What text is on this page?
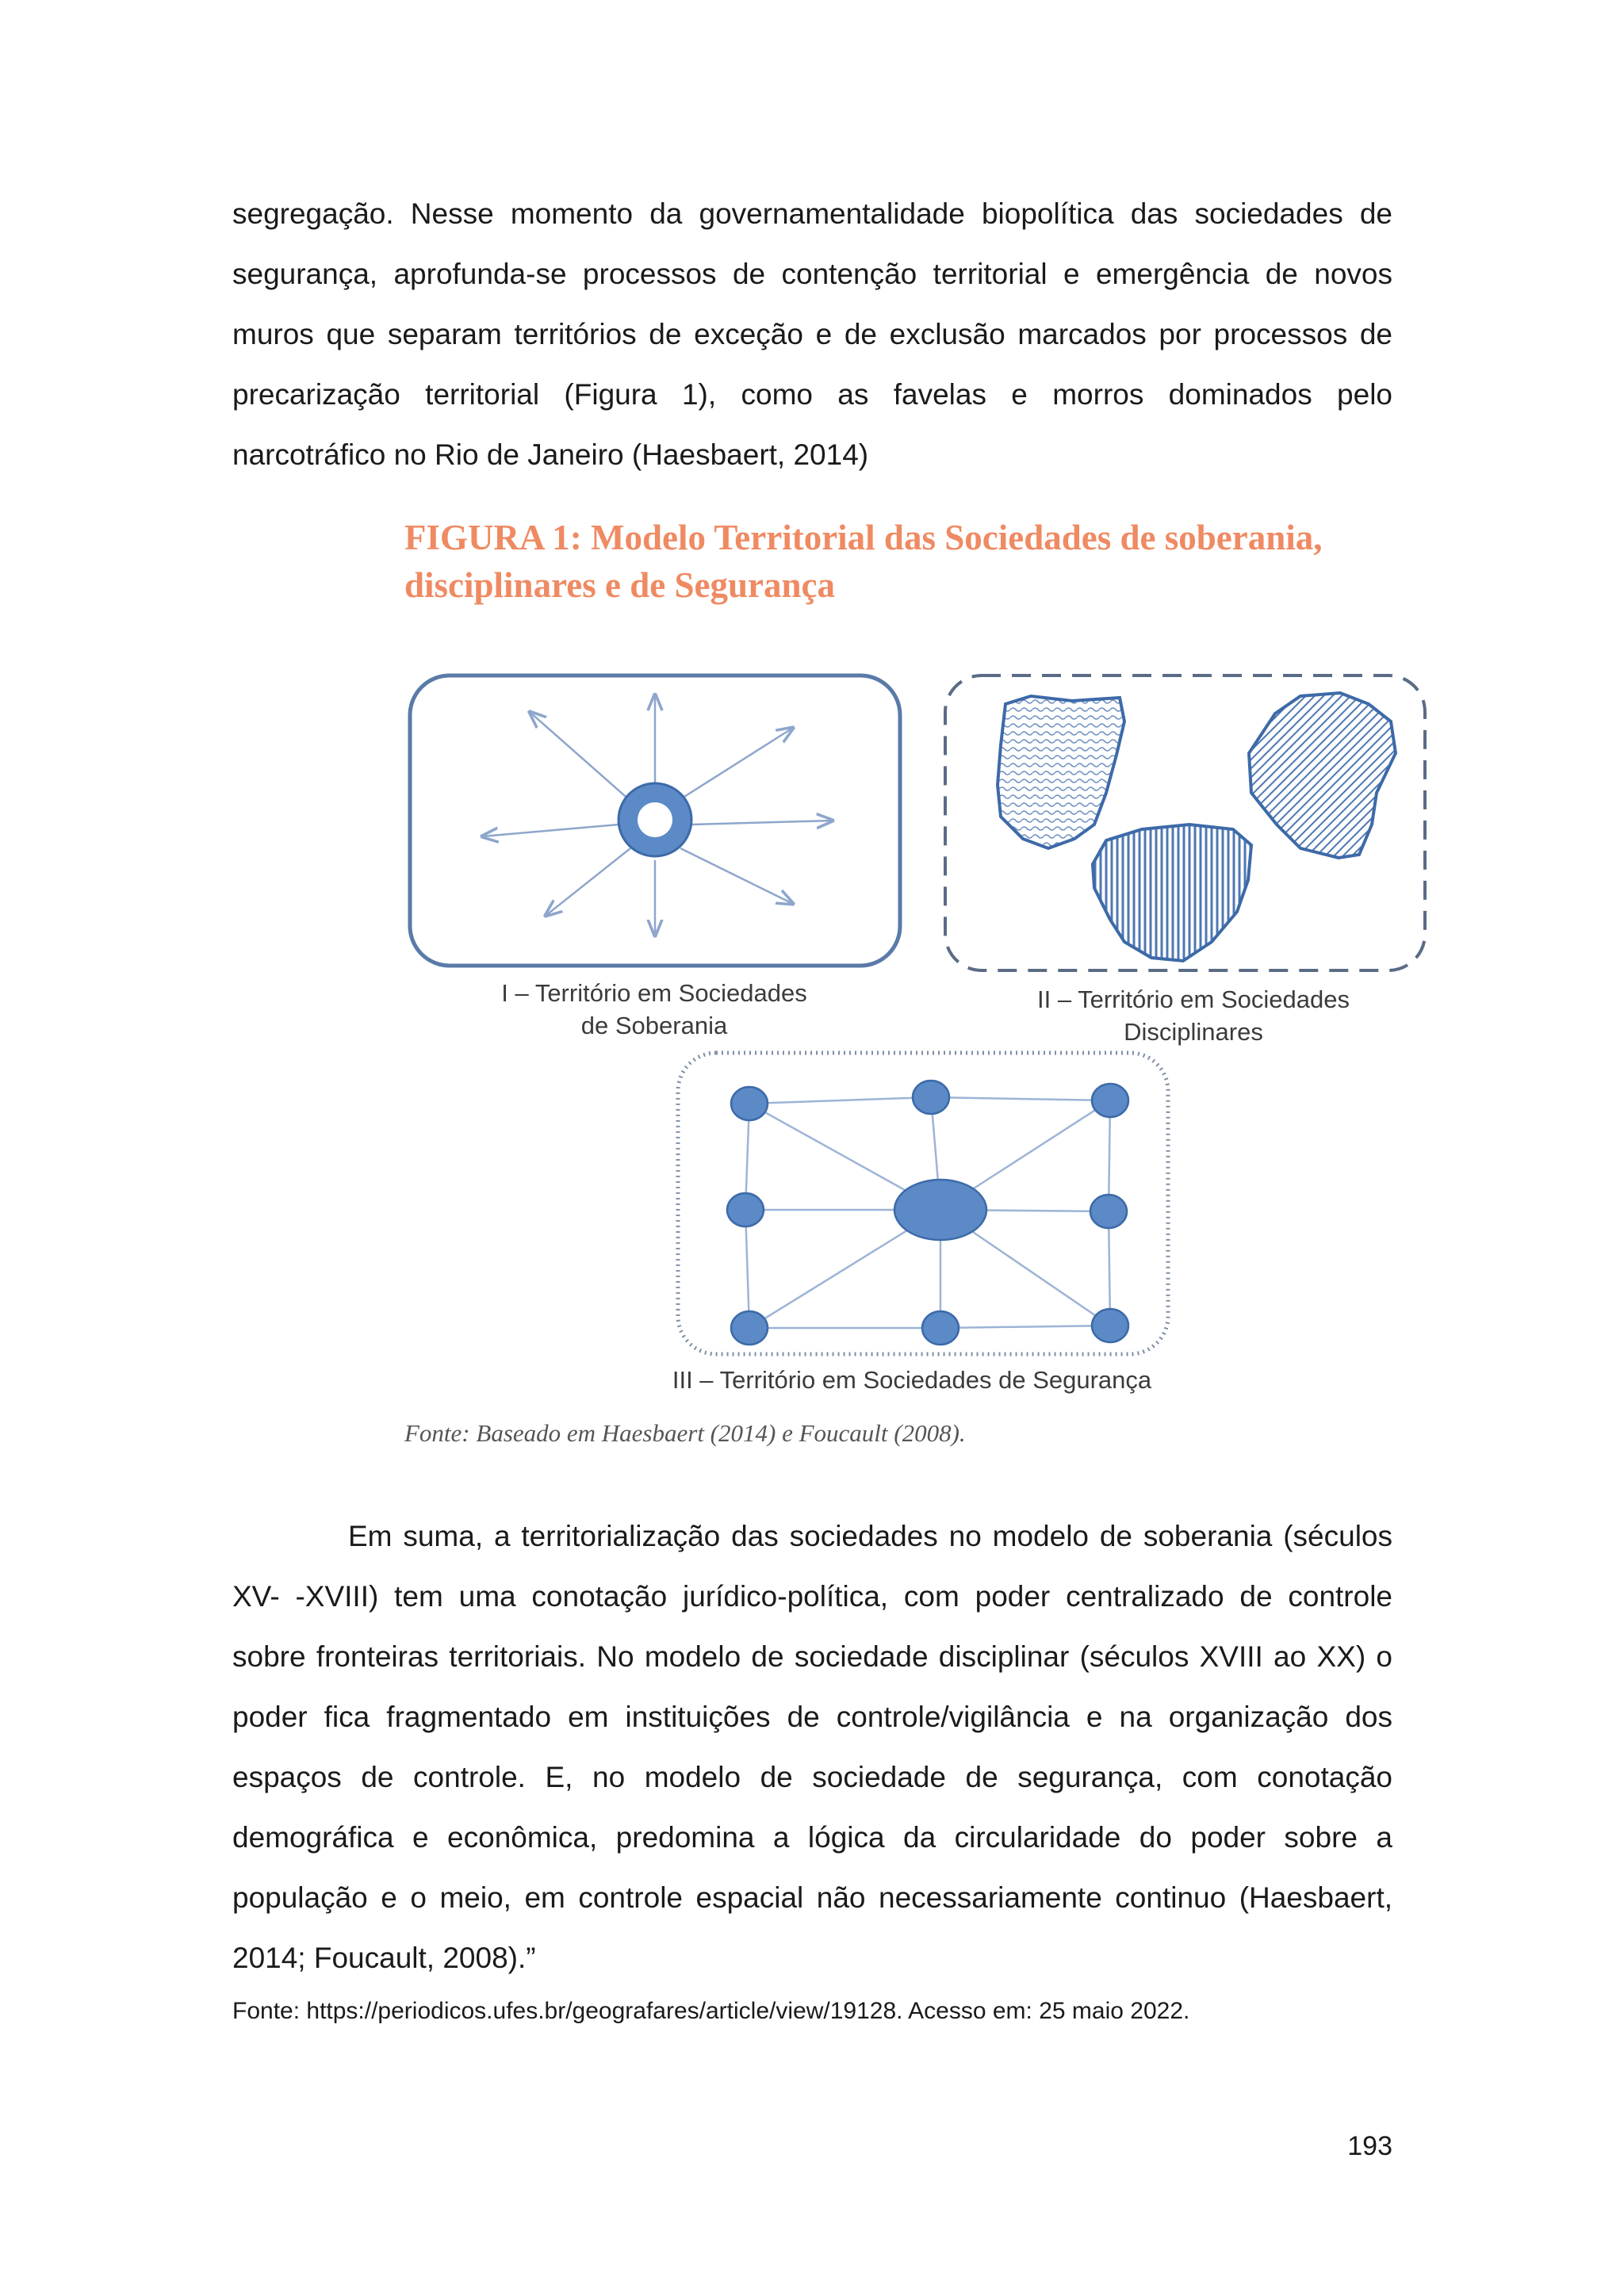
segregação. Nesse momento da governamentalidade biopolítica das sociedades de
segurança, aprofunda-se processos de contenção territorial e emergência de novos
muros que separam territórios de exceção e de exclusão marcados por processos de
precarização territorial (Figura 1), como as favelas e morros dominados pelo
narcotráfico no Rio de Janeiro (Haesbaert, 2014)

FIGURA 1: Modelo Territorial das Sociedades de soberania,
disciplinares e de Segurança
I – Território em Sociedades
de Soberania
II – Território em Sociedades
Disciplinares
III – Território em Sociedades de Segurança
Fonte: Baseado em Haesbaert (2014) e Foucault (2008).

Em suma, a territorialização das sociedades no modelo de soberania (séculos
XV- -XVIII) tem uma conotação jurídico-política, com poder centralizado de controle
sobre fronteiras territoriais. No modelo de sociedade disciplinar (séculos XVIII ao XX) o
poder fica fragmentado em instituições de controle/vigilância e na organização dos
espaços de controle. E, no modelo de sociedade de segurança, com conotação
demográfica e econômica, predomina a lógica da circularidade do poder sobre a
população e o meio, em controle espacial não necessariamente continuo (Haesbaert,
2014; Foucault, 2008).”

Fonte: https://periodicos.ufes.br/geografares/article/view/19128. Acesso em: 25 maio 2022.
193
